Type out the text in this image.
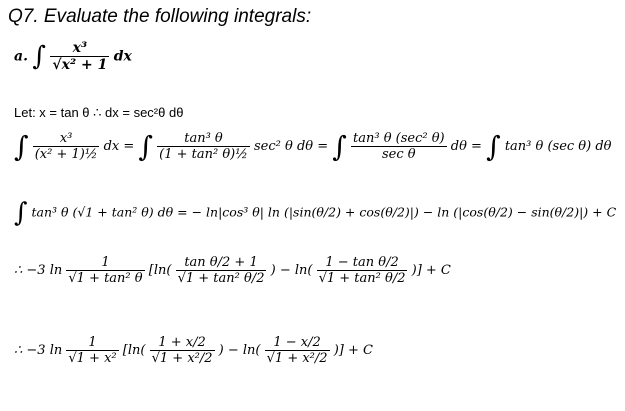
Q7. Evaluate the following integrals:
a. ∫ $\frac{\text{x³}}{\text{√x² + 1}}$ dx
Let: x = tan θ ∴ dx = sec²θ dθ
∫ $\frac{\text{x³}}{\text{(x² + 1)½}}$ dx = ∫ $\frac{\text{tan³ θ}}{\text{(1 + tan² θ)½}} \sec^2$ θ dθ = ∫ $\frac{\text{tan³ θ (sec² θ)}}{\text{sec θ}}$ dθ = ∫ tan³ θ (sec θ) dθ
∫ tan³ θ (√1 + tan² θ) dθ = − ln|cos³ θ| ln (|sin(θ/2) + cos(θ/2)|) − ln (|cos(θ/2) − sin(θ/2)|) + C
∴ −3 $\ln \frac{1}{\text{√1 + tan² θ}} [\ln( \frac{\text{tan θ/2 + 1}}{\text{√1 + tan² θ/2}}$ ) − $\ln( \frac{\text{1 − tan θ/2}}{\text{√1 + tan² θ/2}}$ )] + C
∴ −3 $\ln \frac{1}{\text{√1 + x²}} [\ln( \frac{1 + x/2}{\text{√1 + x²/2}}$ ) − $\ln( \frac{1 - x/2}{\text{√1 + x²/2}}$ )] + C
